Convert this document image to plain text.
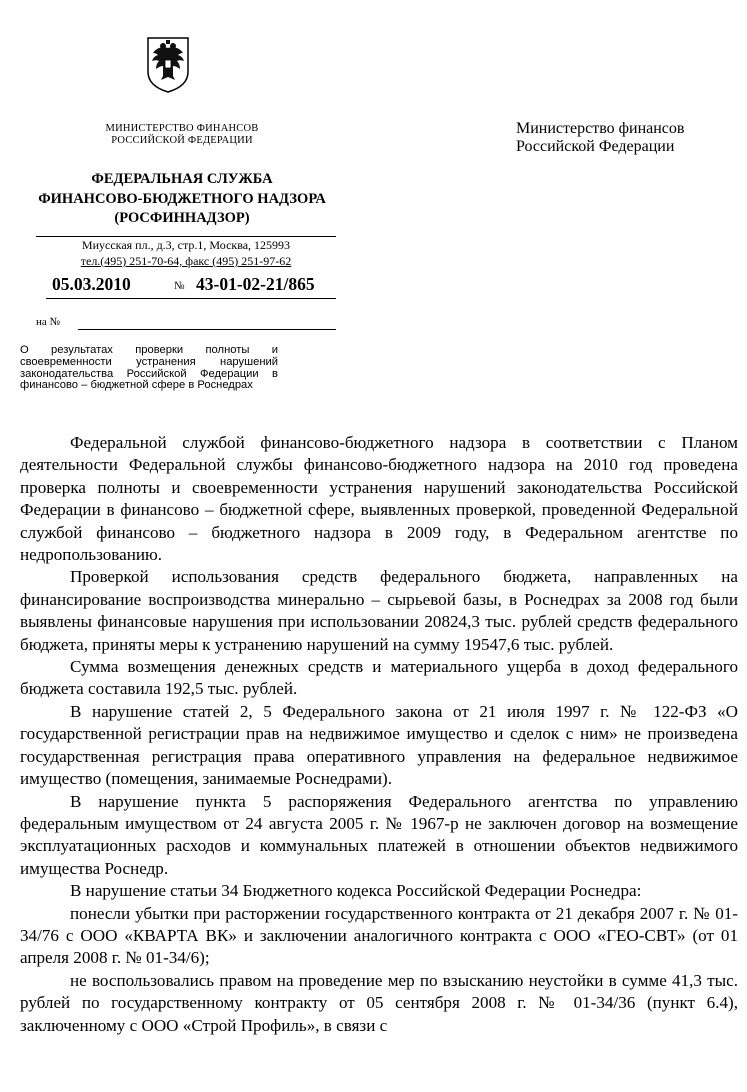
МИНИСТЕРСТВО ФИНАНСОВ
РОССИЙСКОЙ ФЕДЕРАЦИИ
ФЕДЕРАЛЬНАЯ СЛУЖБА
ФИНАНСОВО-БЮДЖЕТНОГО НАДЗОРА
(РОСФИННАДЗОР)
Миусская пл., д.3, стр.1, Москва, 125993
тел.(495) 251-70-64, факс (495) 251-97-62
05.03.2010	№ 43-01-02-21/865
на №
О результатах проверки полноты и своевременности устранения нарушений законодательства Российской Федерации в финансово – бюджетной сфере в Роснедрах
Министерство финансов
Российской Федерации

Федеральной службой финансово-бюджетного надзора в соответствии с Планом деятельности Федеральной службы финансово-бюджетного надзора на 2010 год проведена проверка полноты и своевременности устранения нарушений законодательства Российской Федерации в финансово – бюджетной сфере, выявленных проверкой, проведенной Федеральной службой финансово – бюджетного надзора в 2009 году, в Федеральном агентстве по недропользованию.

Проверкой использования средств федерального бюджета, направленных на финансирование воспроизводства минерально – сырьевой базы, в Роснедрах за 2008 год были выявлены финансовые нарушения при использовании 20824,3 тыс. рублей средств федерального бюджета, приняты меры к устранению нарушений на сумму 19547,6 тыс. рублей.

Сумма возмещения денежных средств и материального ущерба в доход федерального бюджета составила 192,5 тыс. рублей.

В нарушение статей 2, 5 Федерального закона от 21 июля 1997 г. № 122-ФЗ «О государственной регистрации прав на недвижимое имущество и сделок с ним» не произведена государственная регистрация права оперативного управления на федеральное недвижимое имущество (помещения, занимаемые Роснедрами).

В нарушение пункта 5 распоряжения Федерального агентства по управлению федеральным имуществом от 24 августа 2005 г. № 1967-р не заключен договор на возмещение эксплуатационных расходов и коммунальных платежей в отношении объектов недвижимого имущества Роснедр.

В нарушение статьи 34 Бюджетного кодекса Российской Федерации Роснедра:

понесли убытки при расторжении государственного контракта от 21 декабря 2007 г. № 01-34/76 с ООО «КВАРТА ВК» и заключении аналогичного контракта с ООО «ГЕО-СВТ» (от 01 апреля 2008 г. № 01-34/6);

не воспользовались правом на проведение мер по взысканию неустойки в сумме 41,3 тыс. рублей по государственному контракту от 05 сентября 2008 г. № 01-34/36 (пункт 6.4), заключенному с ООО «Строй Профиль», в связи с
